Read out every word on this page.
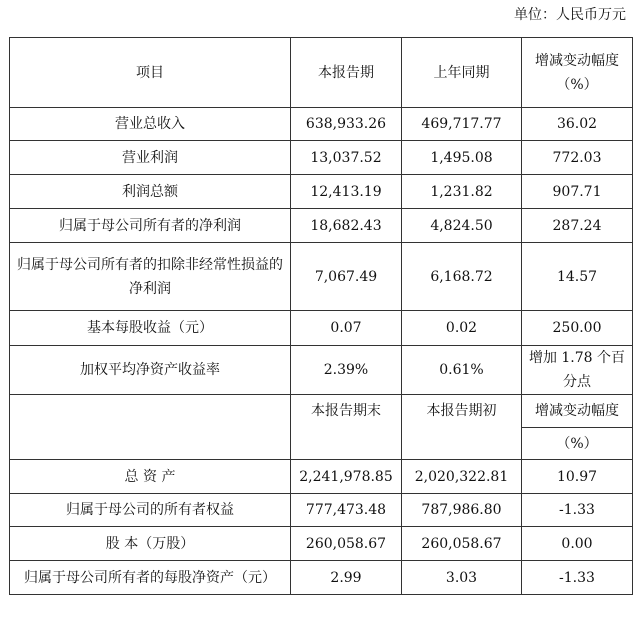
单位：人民币万元
项目	本报告期	上年同期	增减变动幅度
（%）
营业总收入	638,933.26	469,717.77	36.02
营业利润	13,037.52	1,495.08	772.03
利润总额	12,413.19	1,231.82	907.71
归属于母公司所有者的净利润	18,682.43	4,824.50	287.24
归属于母公司所有者的扣除非经常性损益的净利润	7,067.49	6,168.72	14.57
基本每股收益（元）	0.07	0.02	250.00
加权平均净资产收益率	2.39%	0.61%	增加 1.78 个百分点
	本报告期末	本报告期初	增减变动幅度
			（%）
总 资 产	2,241,978.85	2,020,322.81	10.97
归属于母公司的所有者权益	777,473.48	787,986.80	-1.33
股 本（万股）	260,058.67	260,058.67	0.00
归属于母公司所有者的每股净资产（元）	2.99	3.03	-1.33
